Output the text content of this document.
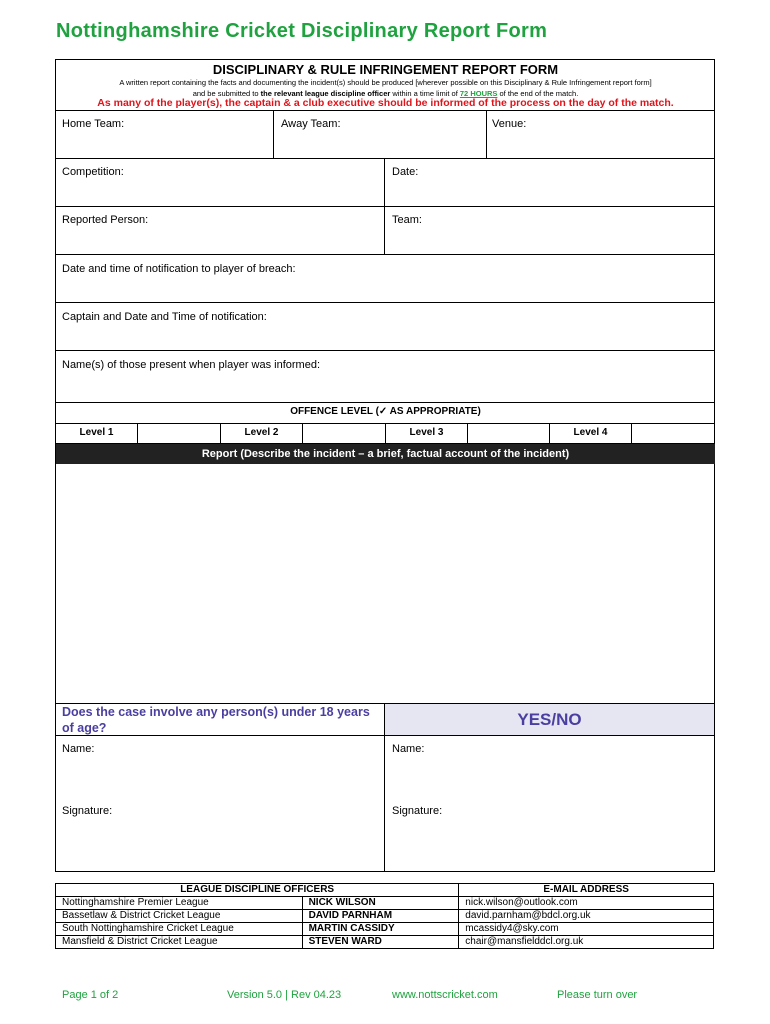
Nottinghamshire Cricket Disciplinary Report Form
DISCIPLINARY & RULE INFRINGEMENT REPORT FORM
A written report containing the facts and documenting the incident(s) should be produced [wherever possible on this Disciplinary & Rule Infringement report form]
and be submitted to the relevant league discipline officer within a time limit of 72 HOURS of the end of the match.
As many of the player(s), the captain & a club executive should be informed of the process on the day of the match.
Home Team:	Away Team:	Venue:
Competition:	Date:
Reported Person:	Team:
Date and time of notification to player of breach:
Captain and Date and Time of notification:
Name(s) of those present when player was informed:
OFFENCE LEVEL (✓ AS APPROPRIATE)
Level 1	Level 2	Level 3	Level 4
Report (Describe the incident – a brief, factual account of the incident)
Does the case involve any person(s) under 18 years of age?	YES/NO
Name:	Name:
Signature:	Signature:
LEAGUE DISCIPLINE OFFICERS		E-MAIL ADDRESS
Nottinghamshire Premier League	NICK WILSON	nick.wilson@outlook.com
Bassetlaw & District Cricket League	DAVID PARNHAM	david.parnham@bdcl.org.uk
South Nottinghamshire Cricket League	MARTIN CASSIDY	mcassidy4@sky.com
Mansfield & District Cricket League	STEVEN WARD	chair@mansfielddcl.org.uk
Page 1 of 2	Version 5.0 | Rev 04.23	www.nottscricket.com	Please turn over
